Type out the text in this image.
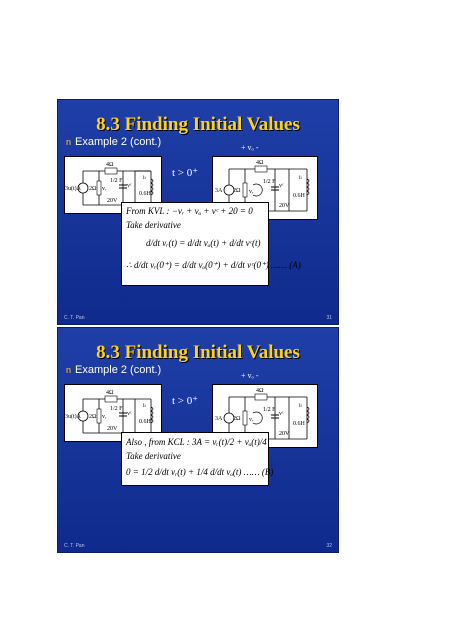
8.3 Finding Initial Values
n Example 2 (cont.)
3u(t)A 2Ω
4Ω
vᵣ
20V
vᶜ
0.6H
iₗ
1/2 F
t > 0⁺
+ vₒ -
3A 2Ω
4Ω
vᵣ
20V
vᶜ
0.6H
iₗ
1/2 F
From KVL : −vᵣ + vₒ + vᶜ + 20 = 0
Take derivative
d/dt vᵣ(t) = d/dt vₒ(t) + d/dt vᶜ(t)
∴ d/dt vᵣ(0⁺) = d/dt vₒ(0⁺) + d/dt vᶜ(0⁺) …… (A)
C. T. Pan	31
8.3 Finding Initial Values
n Example 2 (cont.)
3u(t)A 2Ω
4Ω
vᵣ
20V
vᶜ
0.6H
iₗ
1/2 F
t > 0⁺
+ vₒ -
3A 2Ω
4Ω
vᵣ
20V
vᶜ
0.6H
iₗ
1/2 F
Also , from KCL : 3A = vᵣ(t)/2 + vₒ(t)/4
Take derivative
0 = 1/2 d/dt vᵣ(t) + 1/4 d/dt vₒ(t) …… (B)
C. T. Pan	32
